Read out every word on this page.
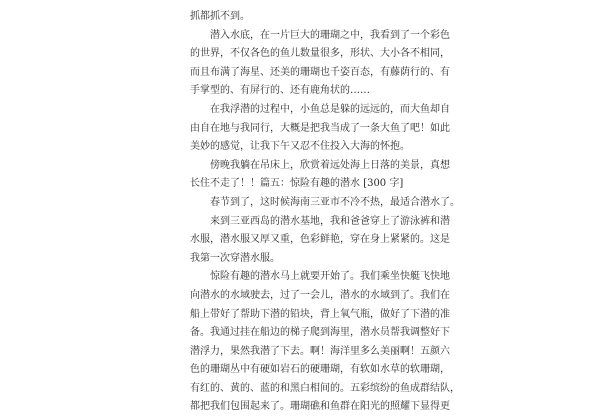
抓都抓不到。
　　潜入水底，在一片巨大的珊瑚之中，我看到了一个彩色
的世界，不仅各色的鱼儿数量很多，形状、大小各不相同，
而且布满了海星、还美的珊瑚也千姿百态，有藤荫行的、有
手掌型的、有屏行的、还有鹿角状的……
　　在我浮潜的过程中，小鱼总是躲的远远的，而大鱼却自
由自在地与我同行，大概是把我当成了一条大鱼了吧！如此
美妙的感觉，让我下午又忍不住投入大海的怀抱。
　　傍晚我躺在吊床上，欣赏着远处海上日落的美景，真想
长住不走了！！篇五：惊险有趣的潜水 [300 字]
　　春节到了，这时候海南三亚市不冷不热，最适合潜水了。
　　来到三亚西岛的潜水基地，我和爸爸穿上了游泳裤和潜
水服，潜水服又厚又重，色彩鲜艳，穿在身上紧紧的。这是
我第一次穿潜水服。
　　惊险有趣的潜水马上就要开始了。我们乘坐快艇飞快地
向潜水的水域驶去，过了一会儿，潜水的水域到了。我们在
船上带好了帮助下潜的铅块，背上氧气瓶，做好了下潜的准
备。我通过挂在船边的梯子爬到海里，潜水员帮我调整好下
潜浮力，果然我潜了下去。啊！海洋里多么美丽啊！五颜六
色的珊瑚丛中有硬如岩石的硬珊瑚，有软如水草的软珊瑚，
有红的、黄的、蓝的和黑白相间的。五彩缤纷的鱼成群结队，
都把我们包围起来了。珊瑚礁和鱼群在阳光的照耀下显得更
